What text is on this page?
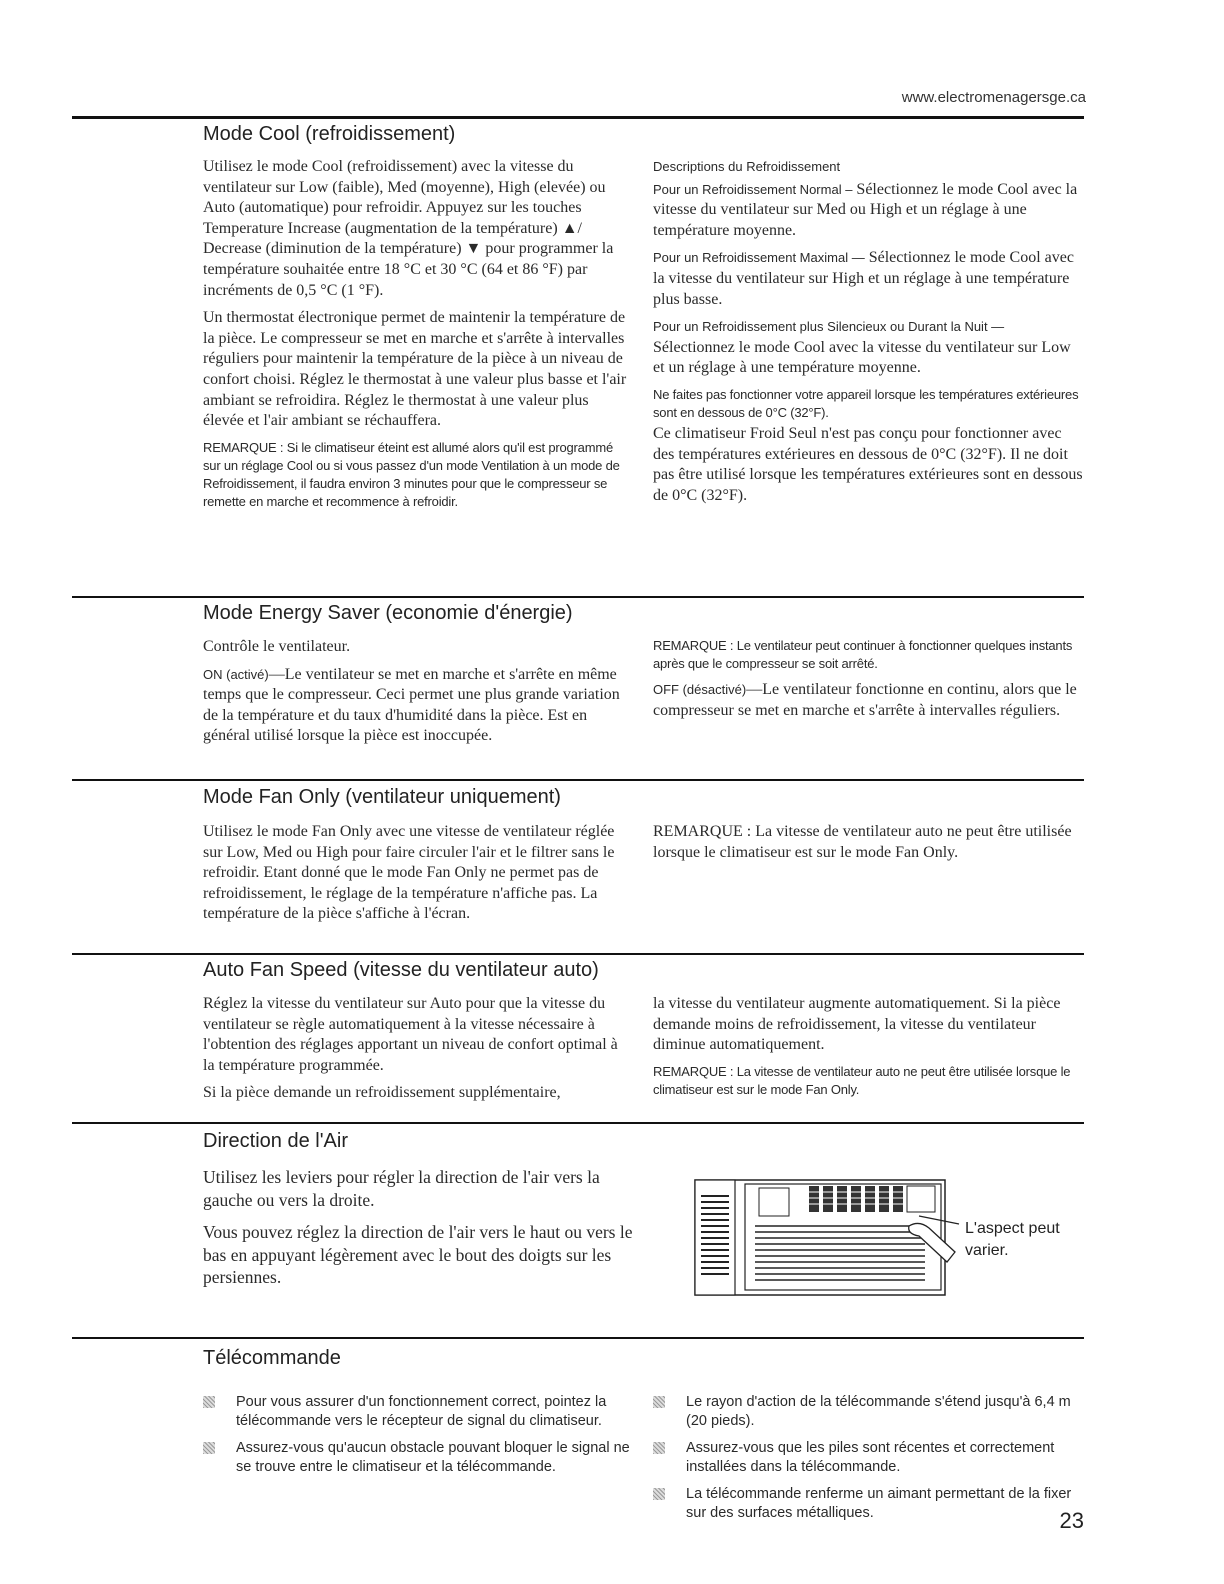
www.electromenagersge.ca
Mode Cool (refroidissement)

Utilisez le mode Cool (refroidissement) avec la vitesse du ventilateur sur Low (faible), Med (moyenne), High (elevée) ou Auto (automatique) pour refroidir. Appuyez sur les touches Temperature Increase (augmentation de la température) ▲/ Decrease (diminution de la température) ▼ pour programmer la température souhaitée entre 18 °C et 30 °C (64 et 86 °F) par incréments de 0,5 °C (1 °F).

Un thermostat électronique permet de maintenir la température de la pièce. Le compresseur se met en marche et s'arrête à intervalles réguliers pour maintenir la température de la pièce à un niveau de confort choisi. Réglez le thermostat à une valeur plus basse et l'air ambiant se refroidira. Réglez le thermostat à une valeur plus élevée et l'air ambiant se réchauffera.

REMARQUE : Si le climatiseur éteint est allumé alors qu'il est programmé sur un réglage Cool ou si vous passez d'un mode Ventilation à un mode de Refroidissement, il faudra environ 3 minutes pour que le compresseur se remette en marche et recommence à refroidir.

Descriptions du Refroidissement

Pour un Refroidissement Normal – Sélectionnez le mode Cool avec la vitesse du ventilateur sur Med ou High et un réglage à une température moyenne.

Pour un Refroidissement Maximal — Sélectionnez le mode Cool avec la vitesse du ventilateur sur High et un réglage à une température plus basse.

Pour un Refroidissement plus Silencieux ou Durant la Nuit — Sélectionnez le mode Cool avec la vitesse du ventilateur sur Low et un réglage à une température moyenne.

Ne faites pas fonctionner votre appareil lorsque les températures extérieures sont en dessous de 0°C (32°F).

Ce climatiseur Froid Seul n'est pas conçu pour fonctionner avec des températures extérieures en dessous de 0°C (32°F). Il ne doit pas être utilisé lorsque les températures extérieures sont en dessous de 0°C (32°F).

Mode Energy Saver (economie d'énergie)

Contrôle le ventilateur.

ON (activé)—Le ventilateur se met en marche et s'arrête en même temps que le compresseur. Ceci permet une plus grande variation de la température et du taux d'humidité dans la pièce. Est en général utilisé lorsque la pièce est inoccupée.

REMARQUE : Le ventilateur peut continuer à fonctionner quelques instants après que le compresseur se soit arrêté.

OFF (désactivé)—Le ventilateur fonctionne en continu, alors que le compresseur se met en marche et s'arrête à intervalles réguliers.

Mode Fan Only (ventilateur uniquement)

Utilisez le mode Fan Only avec une vitesse de ventilateur réglée sur Low, Med ou High pour faire circuler l'air et le filtrer sans le refroidir. Etant donné que le mode Fan Only ne permet pas de refroidissement, le réglage de la température n'affiche pas. La température de la pièce s'affiche à l'écran.

REMARQUE : La vitesse de ventilateur auto ne peut être utilisée lorsque le climatiseur est sur le mode Fan Only.

Auto Fan Speed (vitesse du ventilateur auto)

Réglez la vitesse du ventilateur sur Auto pour que la vitesse du ventilateur se règle automatiquement à la vitesse nécessaire à l'obtention des réglages apportant un niveau de confort optimal à la température programmée.

Si la pièce demande un refroidissement supplémentaire,

la vitesse du ventilateur augmente automatiquement. Si la pièce demande moins de refroidissement, la vitesse du ventilateur diminue automatiquement.

REMARQUE : La vitesse de ventilateur auto ne peut être utilisée lorsque le climatiseur est sur le mode Fan Only.

Direction de l'Air

Utilisez les leviers pour régler la direction de l'air vers la gauche ou vers la droite.

Vous pouvez réglez la direction de l'air vers le haut ou vers le bas en appuyant légèrement avec le bout des doigts sur les persiennes.

L'aspect peut varier.
Télécommande
Pour vous assurer d'un fonctionnement correct, pointez la télécommande vers le récepteur de signal du climatiseur.
Assurez-vous qu'aucun obstacle pouvant bloquer le signal ne se trouve entre le climatiseur et la télécommande.
Le rayon d'action de la télécommande s'étend jusqu'à 6,4 m (20 pieds).
Assurez-vous que les piles sont récentes et correctement installées dans la télécommande.
La télécommande renferme un aimant permettant de la fixer sur des surfaces métalliques.	23
